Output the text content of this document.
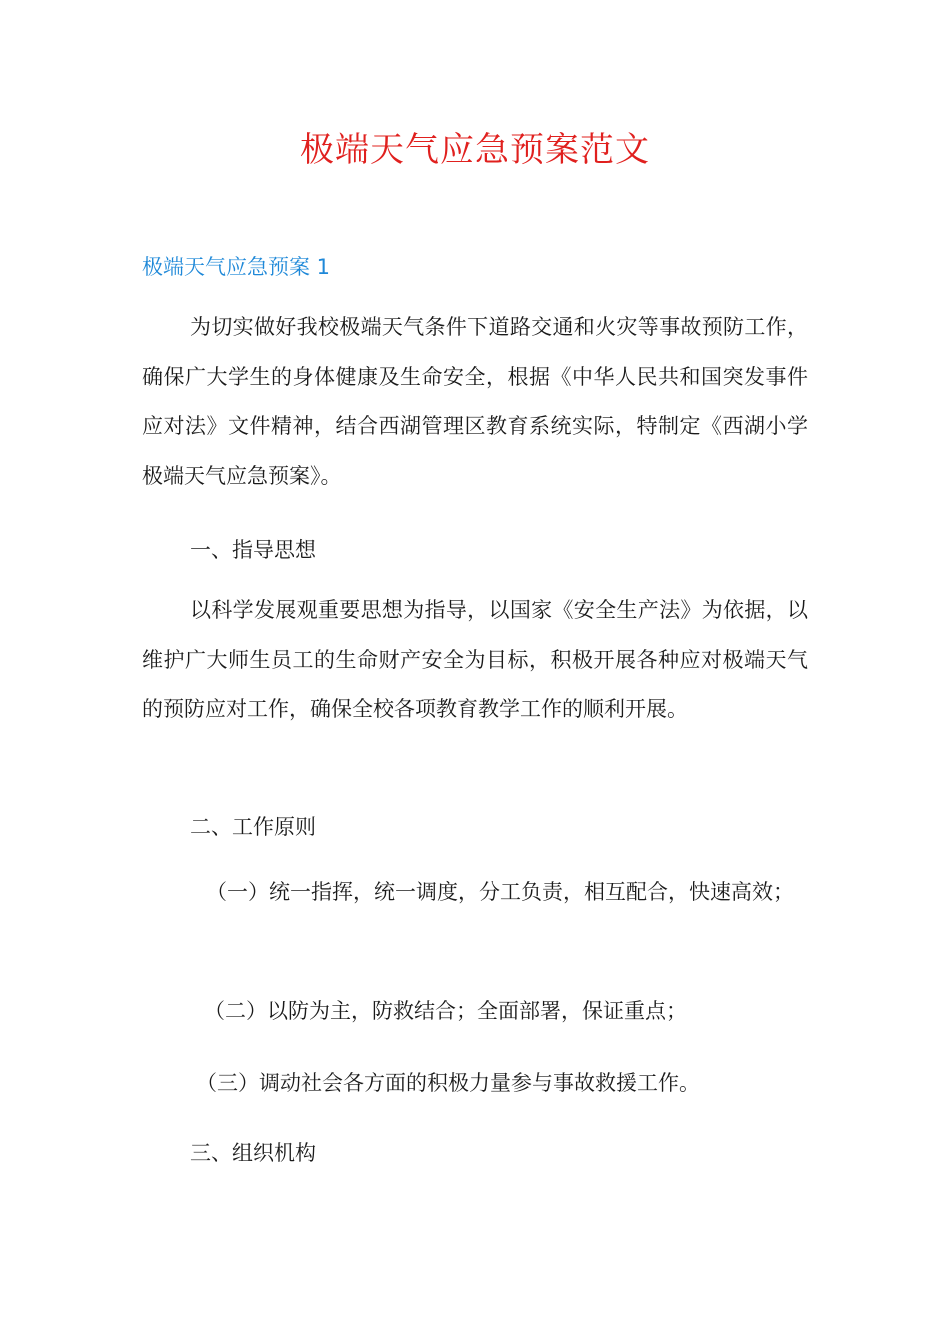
极端天气应急预案范文
极端天气应急预案 1

为切实做好我校极端天气条件下道路交通和火灾等事故预防工作，确保广大学生的身体健康及生命安全，根据《中华人民共和国突发事件应对法》文件精神，结合西湖管理区教育系统实际，特制定《西湖小学极端天气应急预案》。

一、指导思想

以科学发展观重要思想为指导，以国家《安全生产法》为依据，以维护广大师生员工的生命财产安全为目标，积极开展各种应对极端天气的预防应对工作，确保全校各项教育教学工作的顺利开展。

二、工作原则

（一）统一指挥，统一调度，分工负责，相互配合，快速高效；

（二）以防为主，防救结合；全面部署，保证重点；

（三）调动社会各方面的积极力量参与事故救援工作。

三、组织机构
